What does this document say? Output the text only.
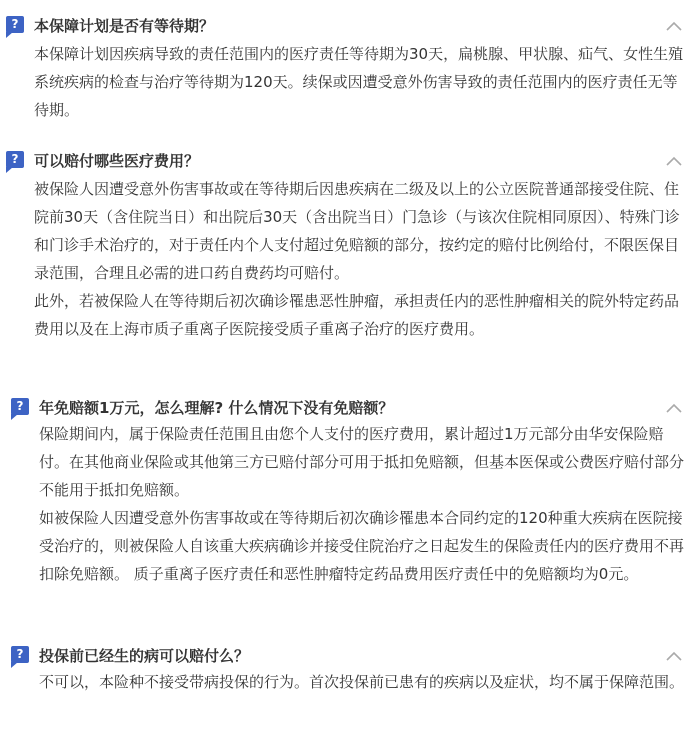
?	本保障计划是否有等待期？

本保障计划因疾病导致的责任范围内的医疗责任等待期为30天，扁桃腺、甲状腺、疝气、女性生殖系统疾病的检查与治疗等待期为120天。续保或因遭受意外伤害导致的责任范围内的医疗责任无等待期。

?	可以赔付哪些医疗费用？

被保险人因遭受意外伤害事故或在等待期后因患疾病在二级及以上的公立医院普通部接受住院、住院前30天（含住院当日）和出院后30天（含出院当日）门急诊（与该次住院相同原因）、特殊门诊和门诊手术治疗的，对于责任内个人支付超过免赔额的部分，按约定的赔付比例给付，不限医保目录范围，合理且必需的进口药自费药均可赔付。

此外，若被保险人在等待期后初次确诊罹患恶性肿瘤，承担责任内的恶性肿瘤相关的院外特定药品费用以及在上海市质子重离子医院接受质子重离子治疗的医疗费用。

?	年免赔额1万元，怎么理解? 什么情况下没有免赔额？

保险期间内，属于保险责任范围且由您个人支付的医疗费用，累计超过1万元部分由华安保险赔付。在其他商业保险或其他第三方已赔付部分可用于抵扣免赔额，但基本医保或公费医疗赔付部分不能用于抵扣免赔额。

如被保险人因遭受意外伤害事故或在等待期后初次确诊罹患本合同约定的120种重大疾病在医院接受治疗的，则被保险人自该重大疾病确诊并接受住院治疗之日起发生的保险责任内的医疗费用不再扣除免赔额。 质子重离子医疗责任和恶性肿瘤特定药品费用医疗责任中的免赔额均为0元。

?	投保前已经生的病可以赔付么？

不可以，本险种不接受带病投保的行为。首次投保前已患有的疾病以及症状，均不属于保障范围。
